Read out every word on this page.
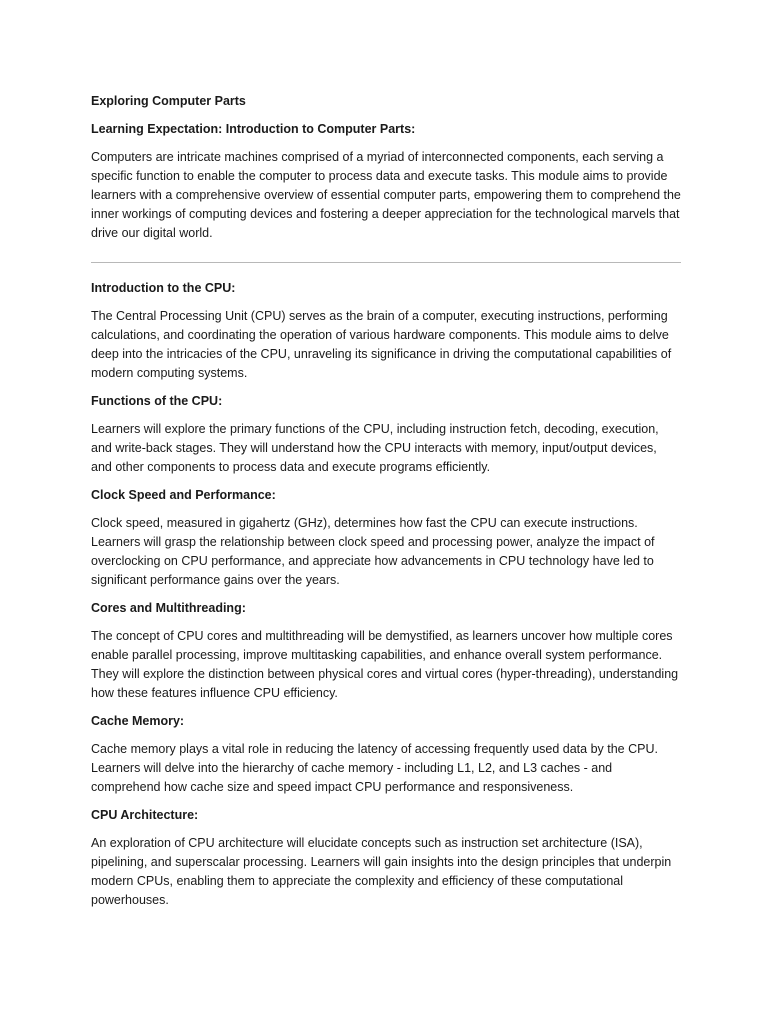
Exploring Computer Parts
Learning Expectation: Introduction to Computer Parts:
Computers are intricate machines comprised of a myriad of interconnected components, each serving a specific function to enable the computer to process data and execute tasks. This module aims to provide learners with a comprehensive overview of essential computer parts, empowering them to comprehend the inner workings of computing devices and fostering a deeper appreciation for the technological marvels that drive our digital world.
Introduction to the CPU:
The Central Processing Unit (CPU) serves as the brain of a computer, executing instructions, performing calculations, and coordinating the operation of various hardware components. This module aims to delve deep into the intricacies of the CPU, unraveling its significance in driving the computational capabilities of modern computing systems.
Functions of the CPU:
Learners will explore the primary functions of the CPU, including instruction fetch, decoding, execution, and write-back stages. They will understand how the CPU interacts with memory, input/output devices, and other components to process data and execute programs efficiently.
Clock Speed and Performance:
Clock speed, measured in gigahertz (GHz), determines how fast the CPU can execute instructions. Learners will grasp the relationship between clock speed and processing power, analyze the impact of overclocking on CPU performance, and appreciate how advancements in CPU technology have led to significant performance gains over the years.
Cores and Multithreading:
The concept of CPU cores and multithreading will be demystified, as learners uncover how multiple cores enable parallel processing, improve multitasking capabilities, and enhance overall system performance. They will explore the distinction between physical cores and virtual cores (hyper-threading), understanding how these features influence CPU efficiency.
Cache Memory:
Cache memory plays a vital role in reducing the latency of accessing frequently used data by the CPU. Learners will delve into the hierarchy of cache memory - including L1, L2, and L3 caches - and comprehend how cache size and speed impact CPU performance and responsiveness.
CPU Architecture:
An exploration of CPU architecture will elucidate concepts such as instruction set architecture (ISA), pipelining, and superscalar processing. Learners will gain insights into the design principles that underpin modern CPUs, enabling them to appreciate the complexity and efficiency of these computational powerhouses.
